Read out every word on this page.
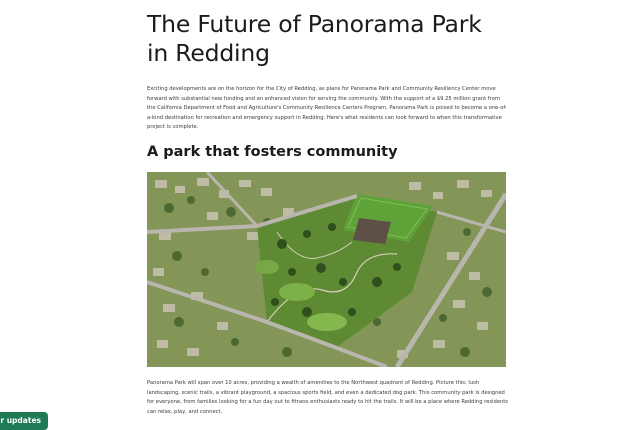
The Future of Panorama Park in Redding

Exciting developments are on the horizon for the City of Redding, as plans for Panorama Park and Community Resiliency Center move forward with substantial new funding and an enhanced vision for serving the community. With the support of a $9.25 million grant from the California Department of Food and Agriculture's Community Resilience Centers Program, Panorama Park is poised to become a one-of-a-kind destination for recreation and emergency support in Redding. Here's what residents can look forward to when this transformative project is complete.

A park that fosters community

Panorama Park will span over 10 acres, providing a wealth of amenities to the Northwest quadrant of Redding. Picture this: lush landscaping, scenic trails, a vibrant playground, a spacious sports field, and even a dedicated dog park. This community park is designed for everyone, from families looking for a fun day out to fitness enthusiasts ready to hit the trails. It will be a place where Redding residents can relax, play, and connect.

r updates
